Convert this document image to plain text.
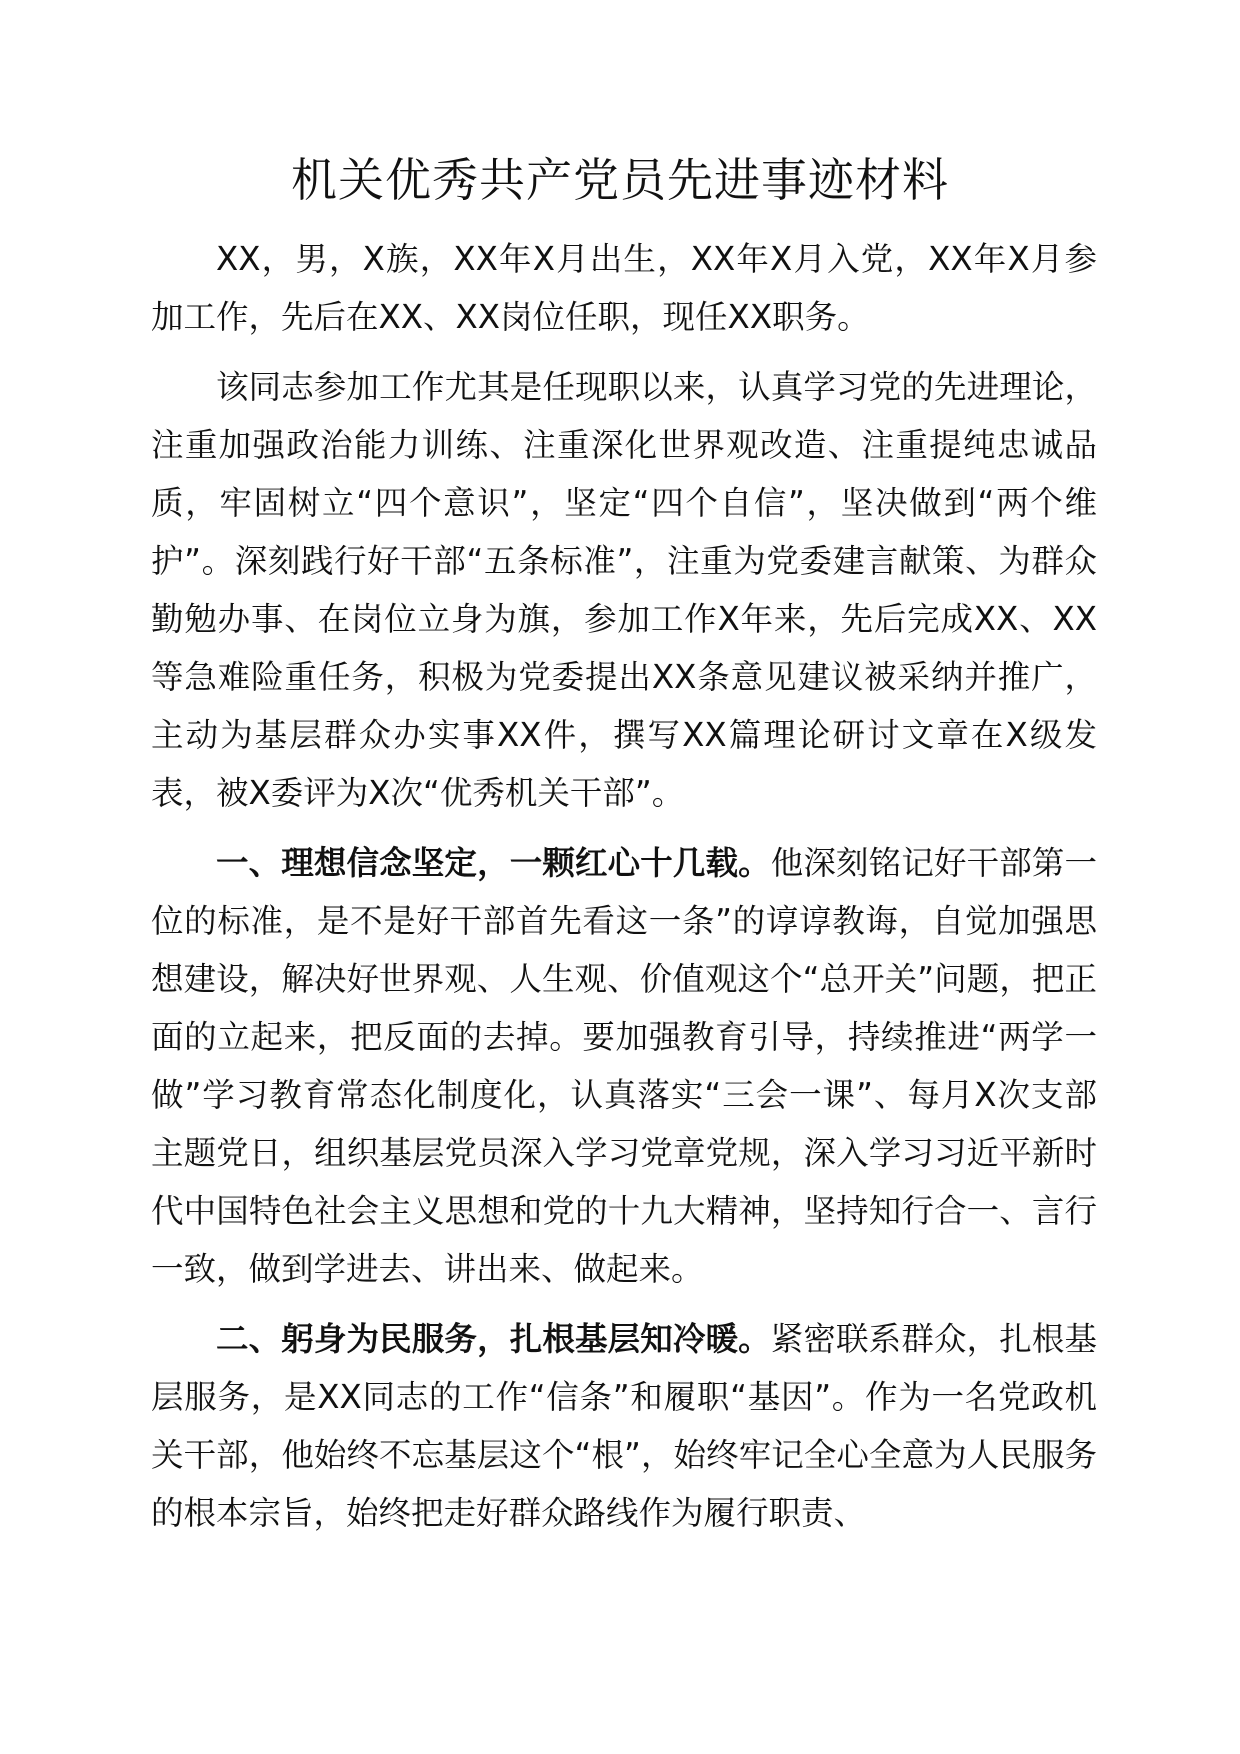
机关优秀共产党员先进事迹材料

XX，男，X族，XX年X月出生，XX年X月入党，XX年X月参加工作，先后在XX、XX岗位任职，现任XX职务。

该同志参加工作尤其是任现职以来，认真学习党的先进理论，注重加强政治能力训练、注重深化世界观改造、注重提纯忠诚品质，牢固树立“四个意识”，坚定“四个自信”，坚决做到“两个维护”。深刻践行好干部“五条标准”，注重为党委建言献策、为群众勤勉办事、在岗位立身为旗，参加工作X年来，先后完成XX、XX等急难险重任务，积极为党委提出XX条意见建议被采纳并推广，主动为基层群众办实事XX件，撰写XX篇理论研讨文章在X级发表，被X委评为X次“优秀机关干部”。

一、理想信念坚定，一颗红心十几载。他深刻铭记好干部第一位的标准，是不是好干部首先看这一条”的谆谆教诲，自觉加强思想建设，解决好世界观、人生观、价值观这个“总开关”问题，把正面的立起来，把反面的去掉。要加强教育引导，持续推进“两学一做”学习教育常态化制度化，认真落实“三会一课”、每月X次支部主题党日，组织基层党员深入学习党章党规，深入学习习近平新时代中国特色社会主义思想和党的十九大精神，坚持知行合一、言行一致，做到学进去、讲出来、做起来。

二、躬身为民服务，扎根基层知冷暖。紧密联系群众，扎根基层服务，是XX同志的工作“信条”和履职“基因”。作为一名党政机关干部，他始终不忘基层这个“根”，始终牢记全心全意为人民服务的根本宗旨，始终把走好群众路线作为履行职责、
